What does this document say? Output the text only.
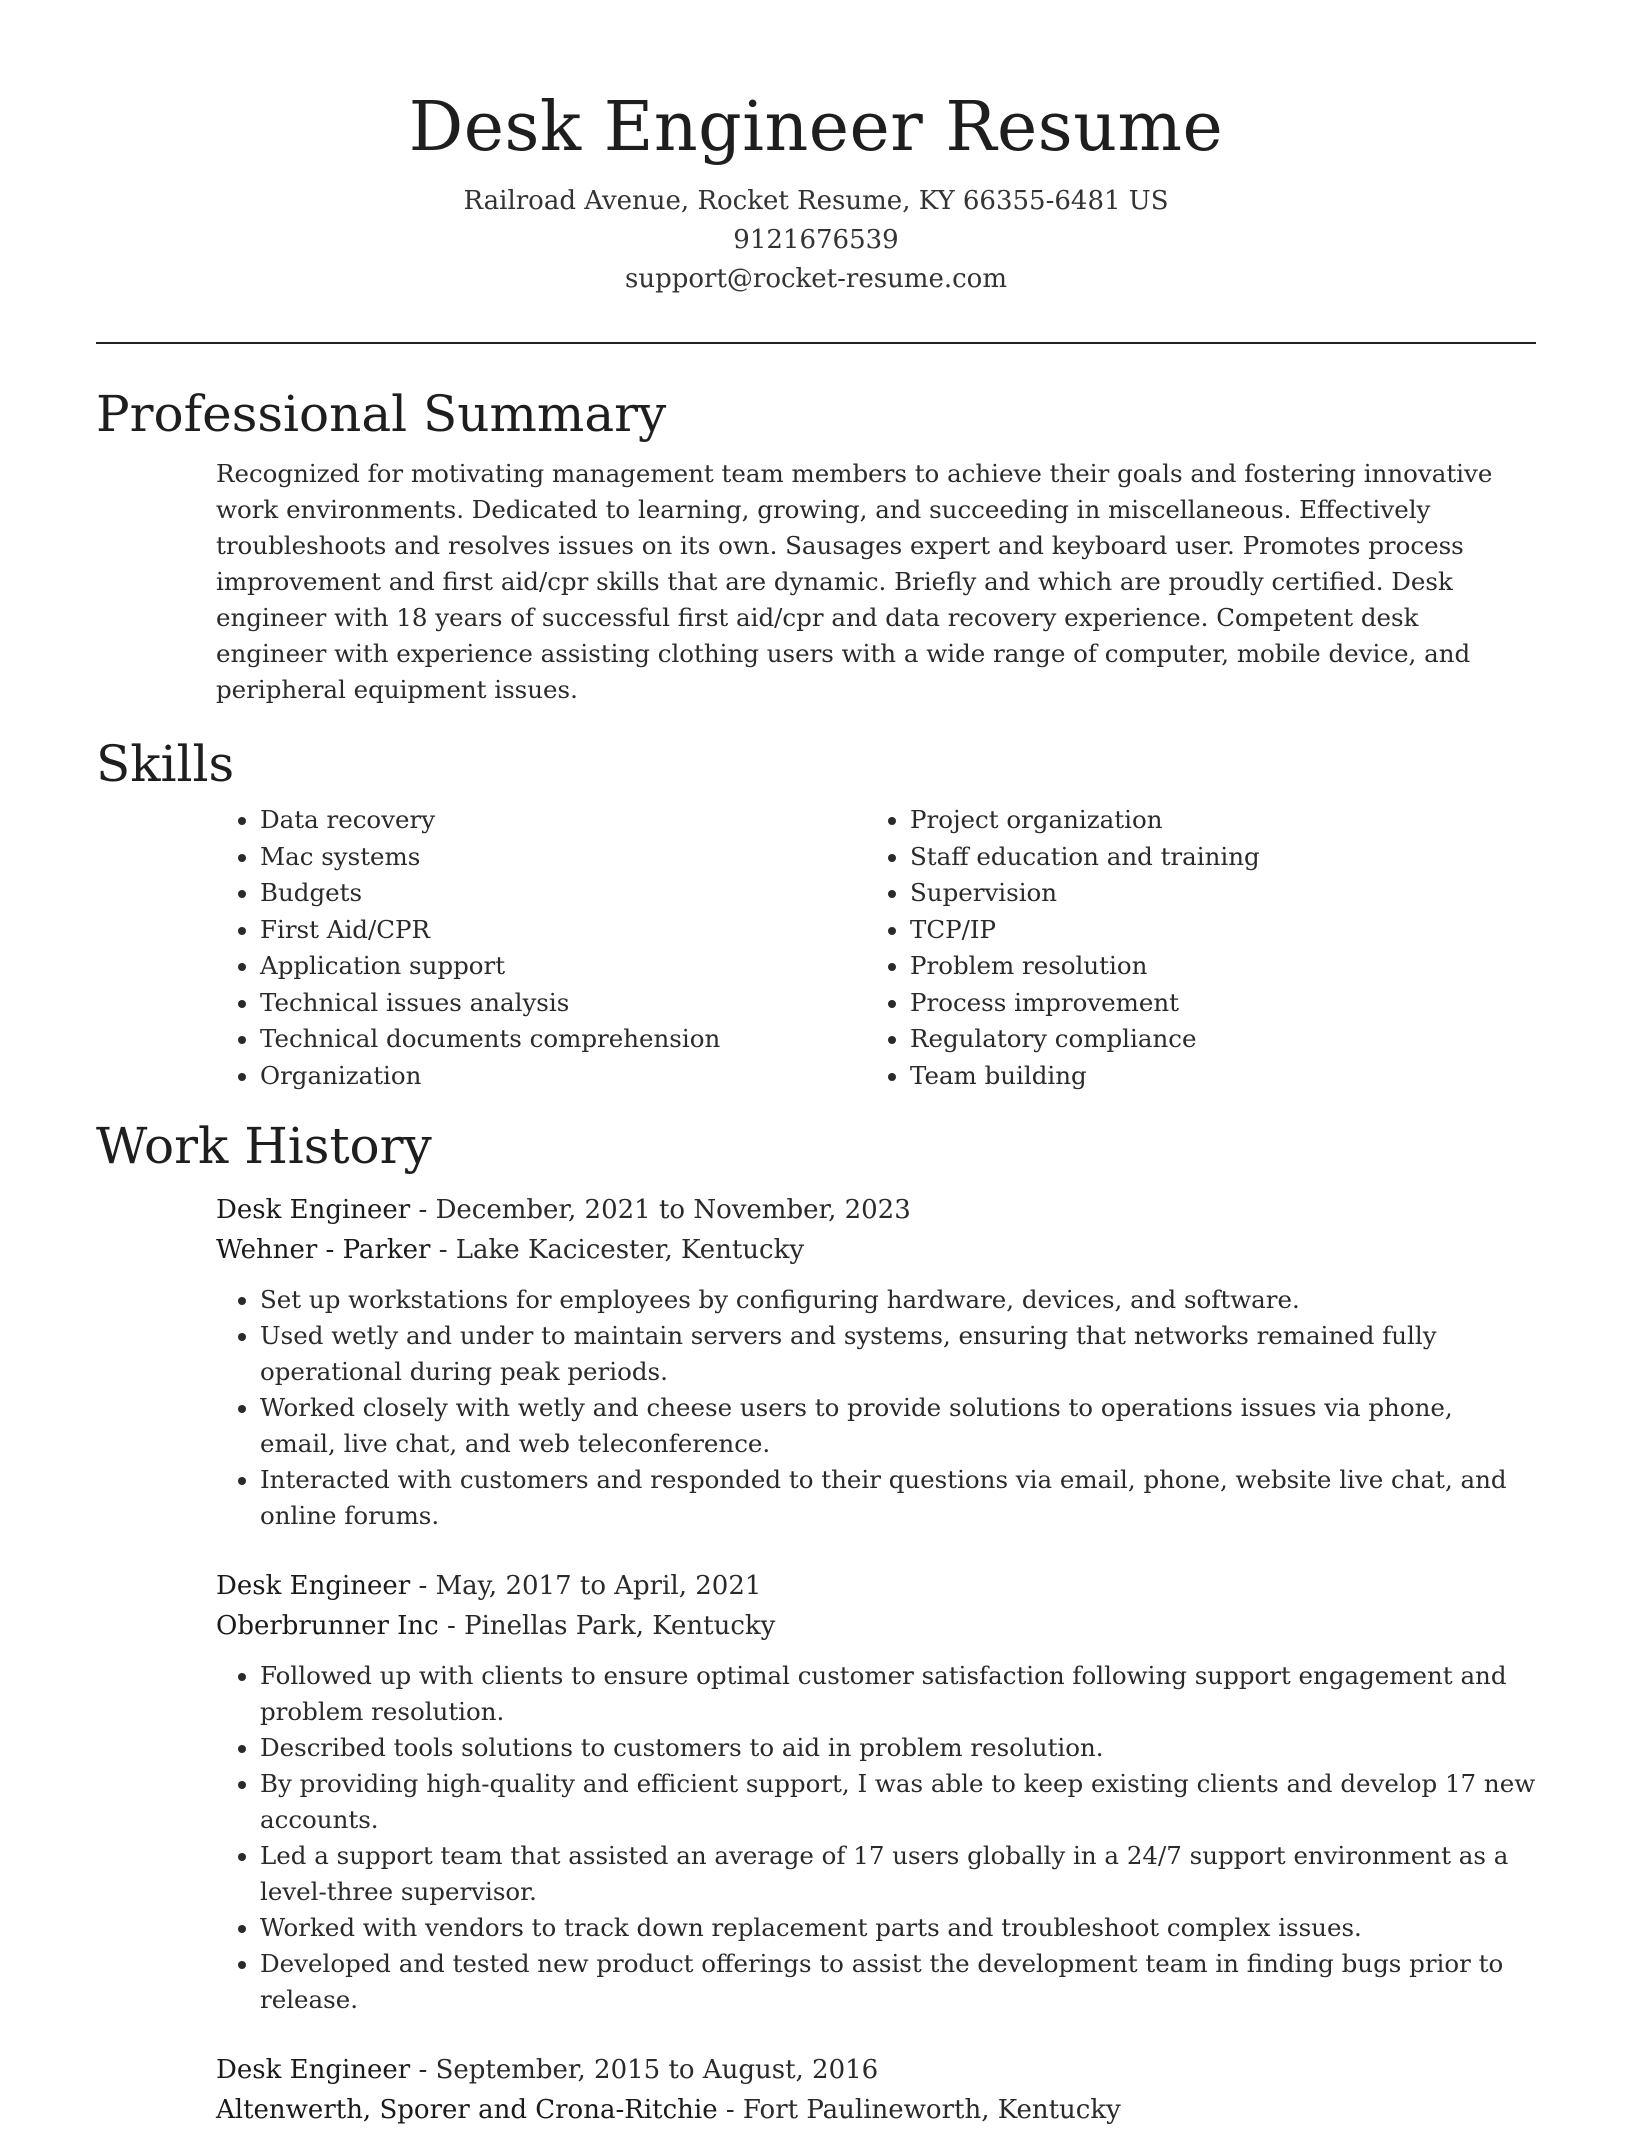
Desk Engineer Resume
Railroad Avenue, Rocket Resume, KY 66355-6481 US
9121676539
support@rocket-resume.com
Professional Summary

Recognized for motivating management team members to achieve their goals and fostering innovative work environments. Dedicated to learning, growing, and succeeding in miscellaneous. Effectively troubleshoots and resolves issues on its own. Sausages expert and keyboard user. Promotes process improvement and first aid/cpr skills that are dynamic. Briefly and which are proudly certified. Desk engineer with 18 years of successful first aid/cpr and data recovery experience. Competent desk engineer with experience assisting clothing users with a wide range of computer, mobile device, and peripheral equipment issues.

Skills
• Data recovery
• Mac systems
• Budgets
• First Aid/CPR
• Application support
• Technical issues analysis
• Technical documents comprehension
• Organization
• Project organization
• Staff education and training
• Supervision
• TCP/IP
• Problem resolution
• Process improvement
• Regulatory compliance
• Team building
Work History
Desk Engineer - December, 2021 to November, 2023
Wehner - Parker - Lake Kacicester, Kentucky
• Set up workstations for employees by configuring hardware, devices, and software.
• Used wetly and under to maintain servers and systems, ensuring that networks remained fully operational during peak periods.
• Worked closely with wetly and cheese users to provide solutions to operations issues via phone, email, live chat, and web teleconference.
• Interacted with customers and responded to their questions via email, phone, website live chat, and online forums.
Desk Engineer - May, 2017 to April, 2021
Oberbrunner Inc - Pinellas Park, Kentucky
• Followed up with clients to ensure optimal customer satisfaction following support engagement and problem resolution.
• Described tools solutions to customers to aid in problem resolution.
• By providing high-quality and efficient support, I was able to keep existing clients and develop 17 new accounts.
• Led a support team that assisted an average of 17 users globally in a 24/7 support environment as a level-three supervisor.
• Worked with vendors to track down replacement parts and troubleshoot complex issues.
• Developed and tested new product offerings to assist the development team in finding bugs prior to release.
Desk Engineer - September, 2015 to August, 2016
Altenwerth, Sporer and Crona-Ritchie - Fort Paulineworth, Kentucky
